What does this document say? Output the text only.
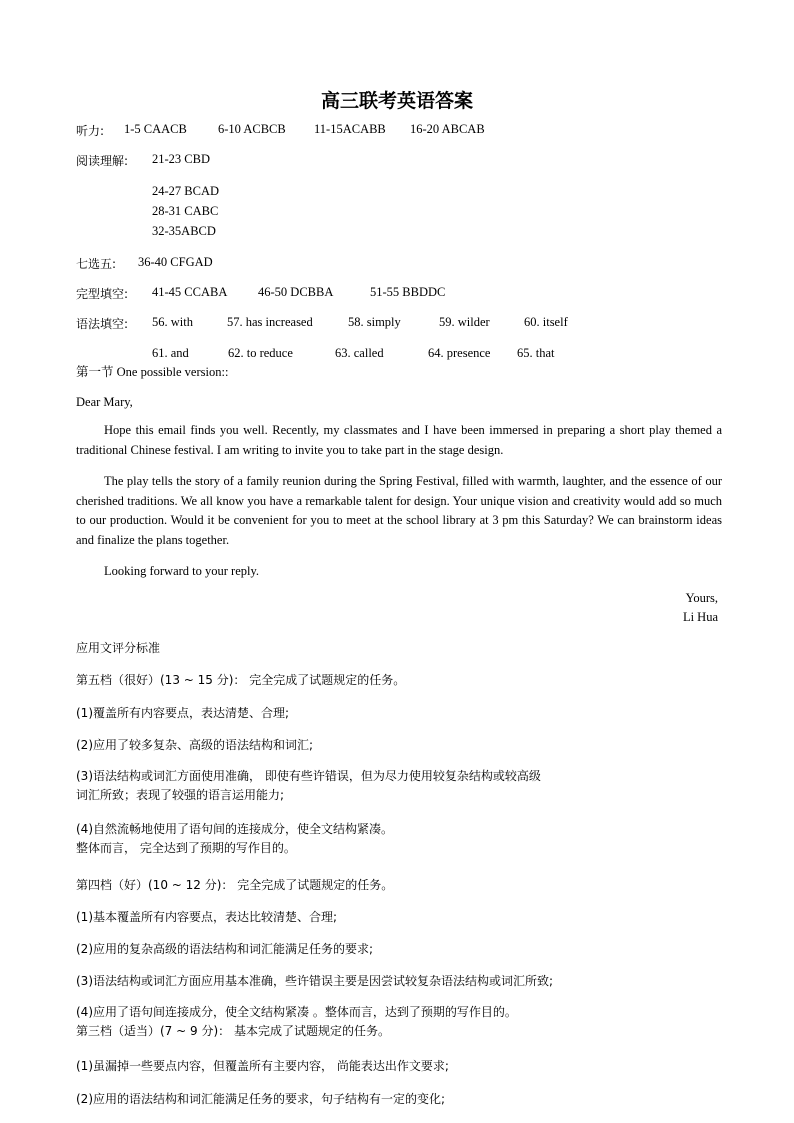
高三联考英语答案
听力: 1-5 CAACB 6-10 ACBCB 11-15ACABB 16-20 ABCAB
阅读理解: 21-23 CBD
24-27 BCAD
28-31 CABC
32-35ABCD
七选五: 36-40 CFGAD
完型填空: 41-45 CCABA 46-50 DCBBA	51-55 BBDDC
语法填空: 56. with	57. has increased	58. simply	59. wilder	60. itself
61. and	62. to reduce	63. called	64. presence 65. that
第一节 One possible version::
Dear Mary,
Hope this email finds you well. Recently, my classmates and I have been immersed in preparing a short play themed a traditional Chinese festival. I am writing to invite you to take part in the stage design.
The play tells the story of a family reunion during the Spring Festival, filled with warmth, laughter, and the essence of our cherished traditions. We all know you have a remarkable talent for design. Your unique vision and creativity would add so much to our production. Would it be convenient for you to meet at the school library at 3 pm this Saturday? We can brainstorm ideas and finalize the plans together.
Looking forward to your reply.
Yours,
Li Hua
应用文评分标准
第五档（很好）(13 ~ 15 分)： 完全完成了试题规定的任务。
(1)覆盖所有内容要点，表达清楚、合理;
(2)应用了较多复杂、高级的语法结构和词汇;
(3)语法结构或词汇方面使用准确， 即使有些许错误，但为尽力使用较复杂结构或较高级
词汇所致；表现了较强的语言运用能力;
(4)自然流畅地使用了语句间的连接成分，使全文结构紧凑。
整体而言， 完全达到了预期的写作目的。
第四档（好）(10 ~ 12 分)： 完全完成了试题规定的任务。
(1)基本覆盖所有内容要点，表达比较清楚、合理;
(2)应用的复杂高级的语法结构和词汇能满足任务的要求;
(3)语法结构或词汇方面应用基本准确，些许错误主要是因尝试较复杂语法结构或词汇所致;
(4)应用了语句间连接成分，使全文结构紧凑 。整体而言，达到了预期的写作目的。
第三档（适当）(7 ~ 9 分)： 基本完成了试题规定的任务。
(1)虽漏掉一些要点内容，但覆盖所有主要内容， 尚能表达出作文要求;
(2)应用的语法结构和词汇能满足任务的要求，句子结构有一定的变化;
